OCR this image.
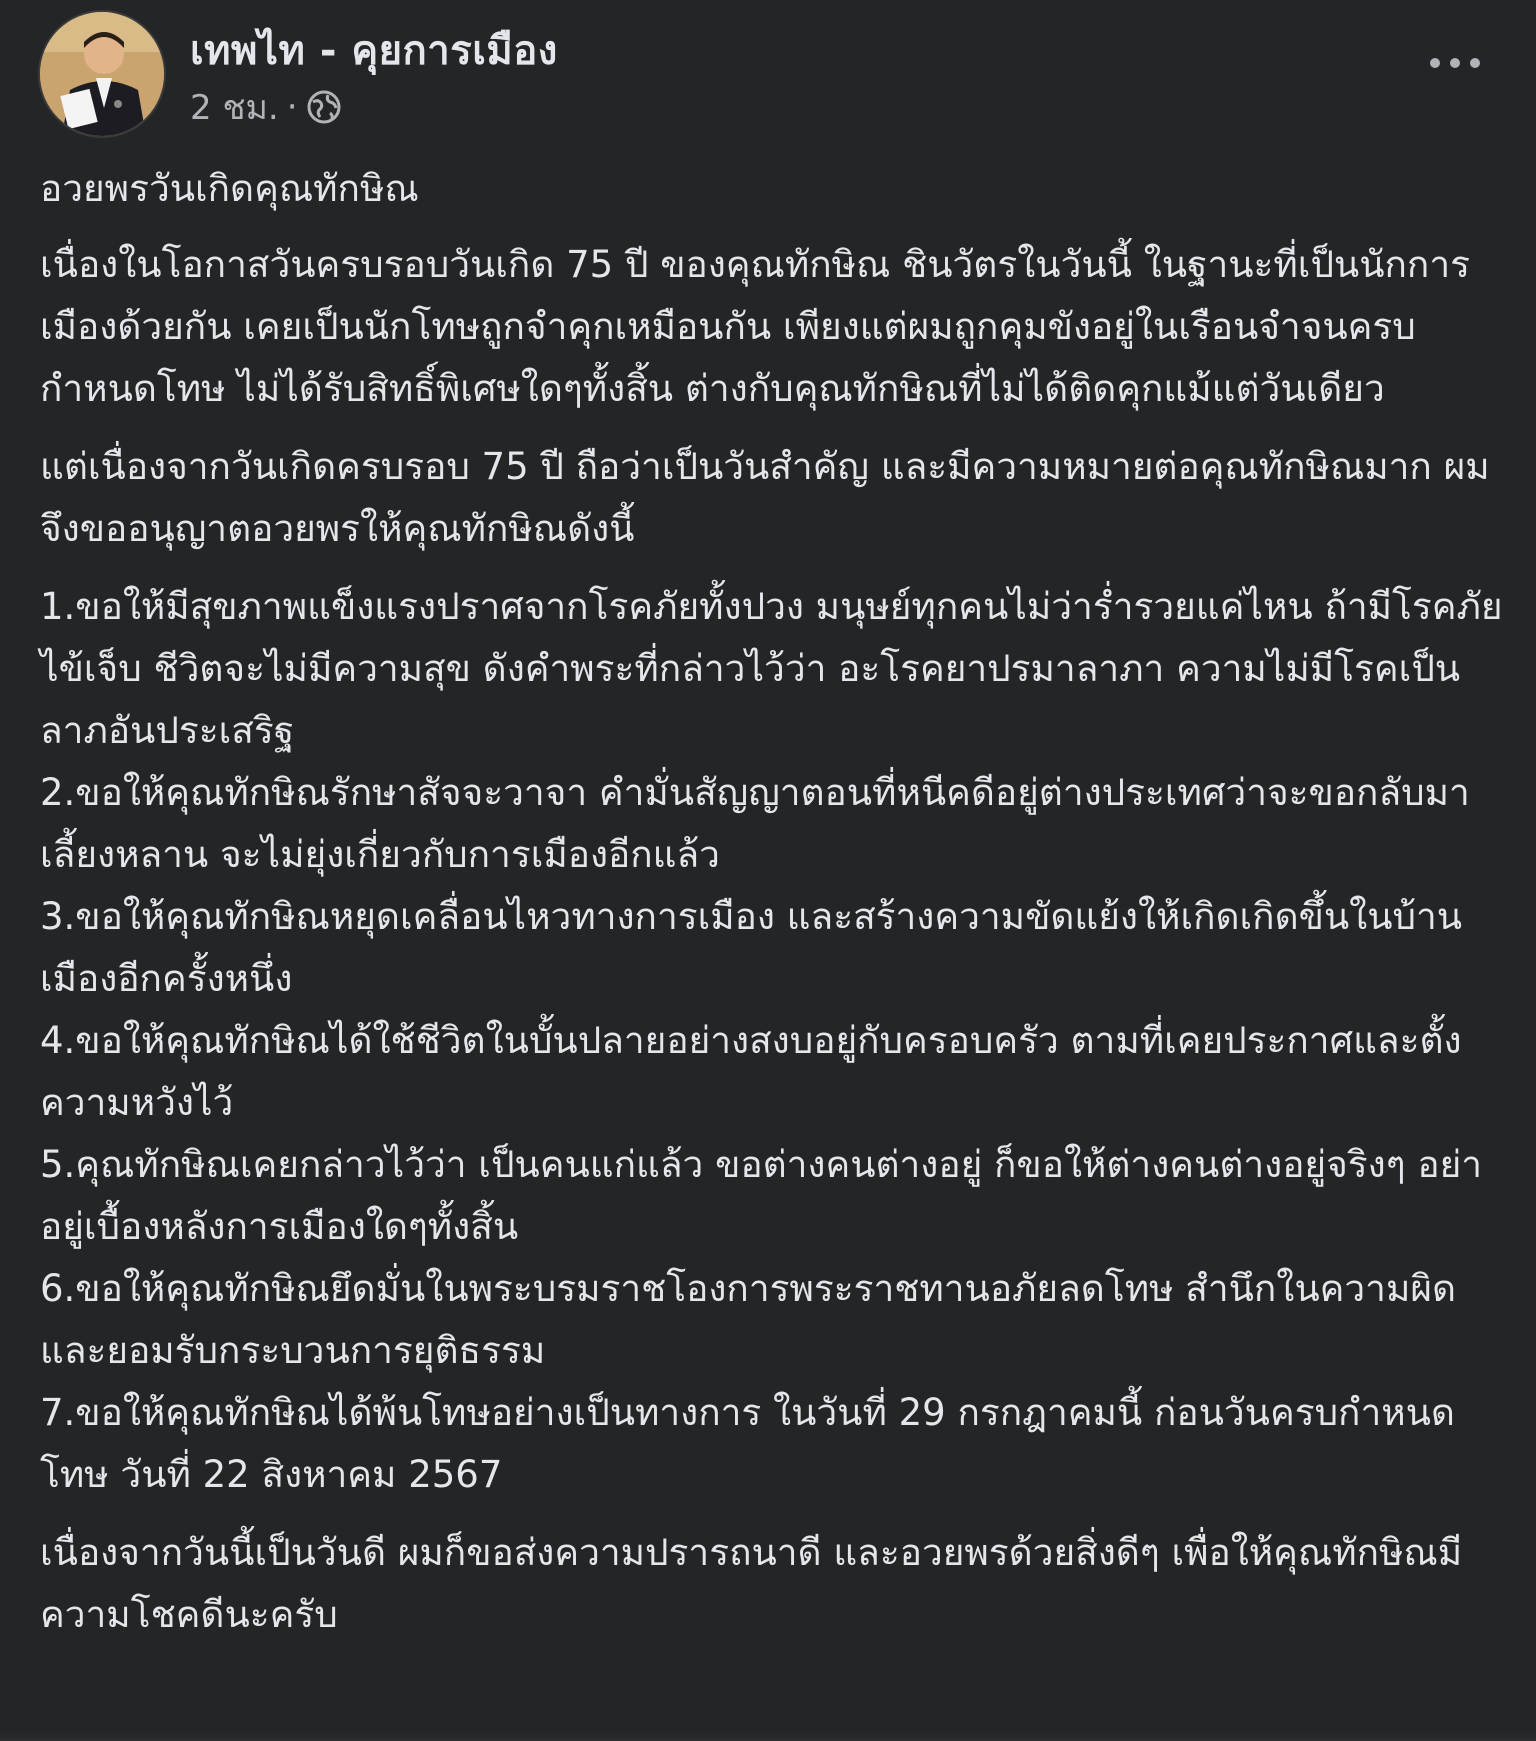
เทพไท - คุยการเมือง
2 ชม. ·

อวยพรวันเกิดคุณทักษิณ

เนื่องในโอกาสวันครบรอบวันเกิด 75 ปี ของคุณทักษิณ ชินวัตรในวันนี้ ในฐานะที่เป็นนักการเมืองด้วยกัน เคยเป็นนักโทษถูกจำคุกเหมือนกัน เพียงแต่ผมถูกคุมขังอยู่ในเรือนจำจนครบกำหนดโทษ ไม่ได้รับสิทธิ์พิเศษใดๆทั้งสิ้น ต่างกับคุณทักษิณที่ไม่ได้ติดคุกแม้แต่วันเดียว

แต่เนื่องจากวันเกิดครบรอบ 75 ปี ถือว่าเป็นวันสำคัญ และมีความหมายต่อคุณทักษิณมาก ผมจึงขออนุญาตอวยพรให้คุณทักษิณดังนี้

1.ขอให้มีสุขภาพแข็งแรงปราศจากโรคภัยทั้งปวง มนุษย์ทุกคนไม่ว่าร่ำรวยแค่ไหน ถ้ามีโรคภัยไข้เจ็บ ชีวิตจะไม่มีความสุข ดังคำพระที่กล่าวไว้ว่า อะโรคยาปรมาลาภา ความไม่มีโรคเป็นลาภอันประเสริฐ

2.ขอให้คุณทักษิณรักษาสัจจะวาจา คำมั่นสัญญาตอนที่หนีคดีอยู่ต่างประเทศว่าจะขอกลับมาเลี้ยงหลาน จะไม่ยุ่งเกี่ยวกับการเมืองอีกแล้ว

3.ขอให้คุณทักษิณหยุดเคลื่อนไหวทางการเมือง และสร้างความขัดแย้งให้เกิดเกิดขึ้นในบ้านเมืองอีกครั้งหนึ่ง

4.ขอให้คุณทักษิณได้ใช้ชีวิตในบั้นปลายอย่างสงบอยู่กับครอบครัว ตามที่เคยประกาศและตั้งความหวังไว้

5.คุณทักษิณเคยกล่าวไว้ว่า เป็นคนแก่แล้ว ขอต่างคนต่างอยู่ ก็ขอให้ต่างคนต่างอยู่จริงๆ อย่าอยู่เบื้องหลังการเมืองใดๆทั้งสิ้น

6.ขอให้คุณทักษิณยึดมั่นในพระบรมราชโองการพระราชทานอภัยลดโทษ สำนึกในความผิดและยอมรับกระบวนการยุติธรรม

7.ขอให้คุณทักษิณได้พ้นโทษอย่างเป็นทางการ ในวันที่ 29 กรกฎาคมนี้ ก่อนวันครบกำหนดโทษ วันที่ 22 สิงหาคม 2567

เนื่องจากวันนี้เป็นวันดี ผมก็ขอส่งความปรารถนาดี และอวยพรด้วยสิ่งดีๆ เพื่อให้คุณทักษิณมีความโชคดีนะครับ
